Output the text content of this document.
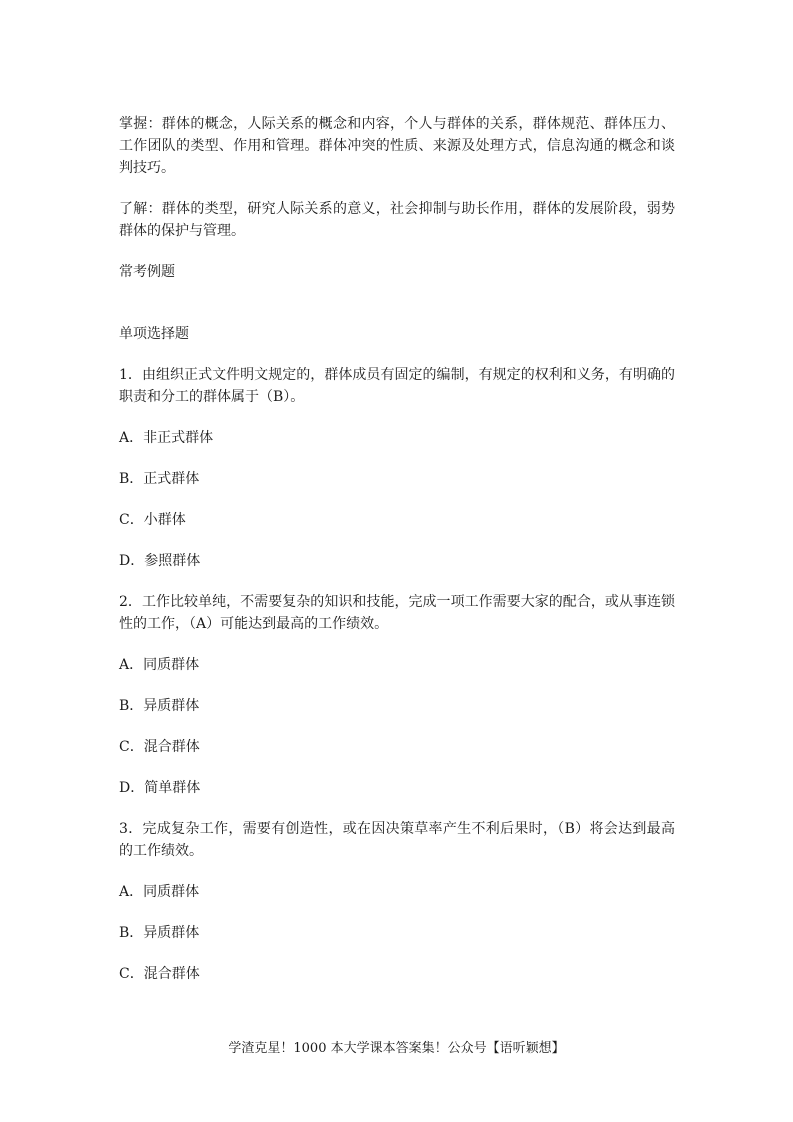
掌握：群体的概念，人际关系的概念和内容，个人与群体的关系，群体规范、群体压力、工作团队的类型、作用和管理。群体冲突的性质、来源及处理方式，信息沟通的概念和谈判技巧。

了解：群体的类型，研究人际关系的意义，社会抑制与助长作用，群体的发展阶段，弱势群体的保护与管理。

常考例题

单项选择题

1．由组织正式文件明文规定的，群体成员有固定的编制，有规定的权利和义务，有明确的职责和分工的群体属于（B）。

A．非正式群体

B．正式群体

C．小群体

D．参照群体

2．工作比较单纯，不需要复杂的知识和技能，完成一项工作需要大家的配合，或从事连锁性的工作，（A）可能达到最高的工作绩效。

A．同质群体

B．异质群体

C．混合群体

D．简单群体

3．完成复杂工作，需要有创造性，或在因决策草率产生不利后果时，（B）将会达到最高的工作绩效。

A．同质群体

B．异质群体

C．混合群体

学渣克星！1000 本大学课本答案集！公众号【语听颖想】
